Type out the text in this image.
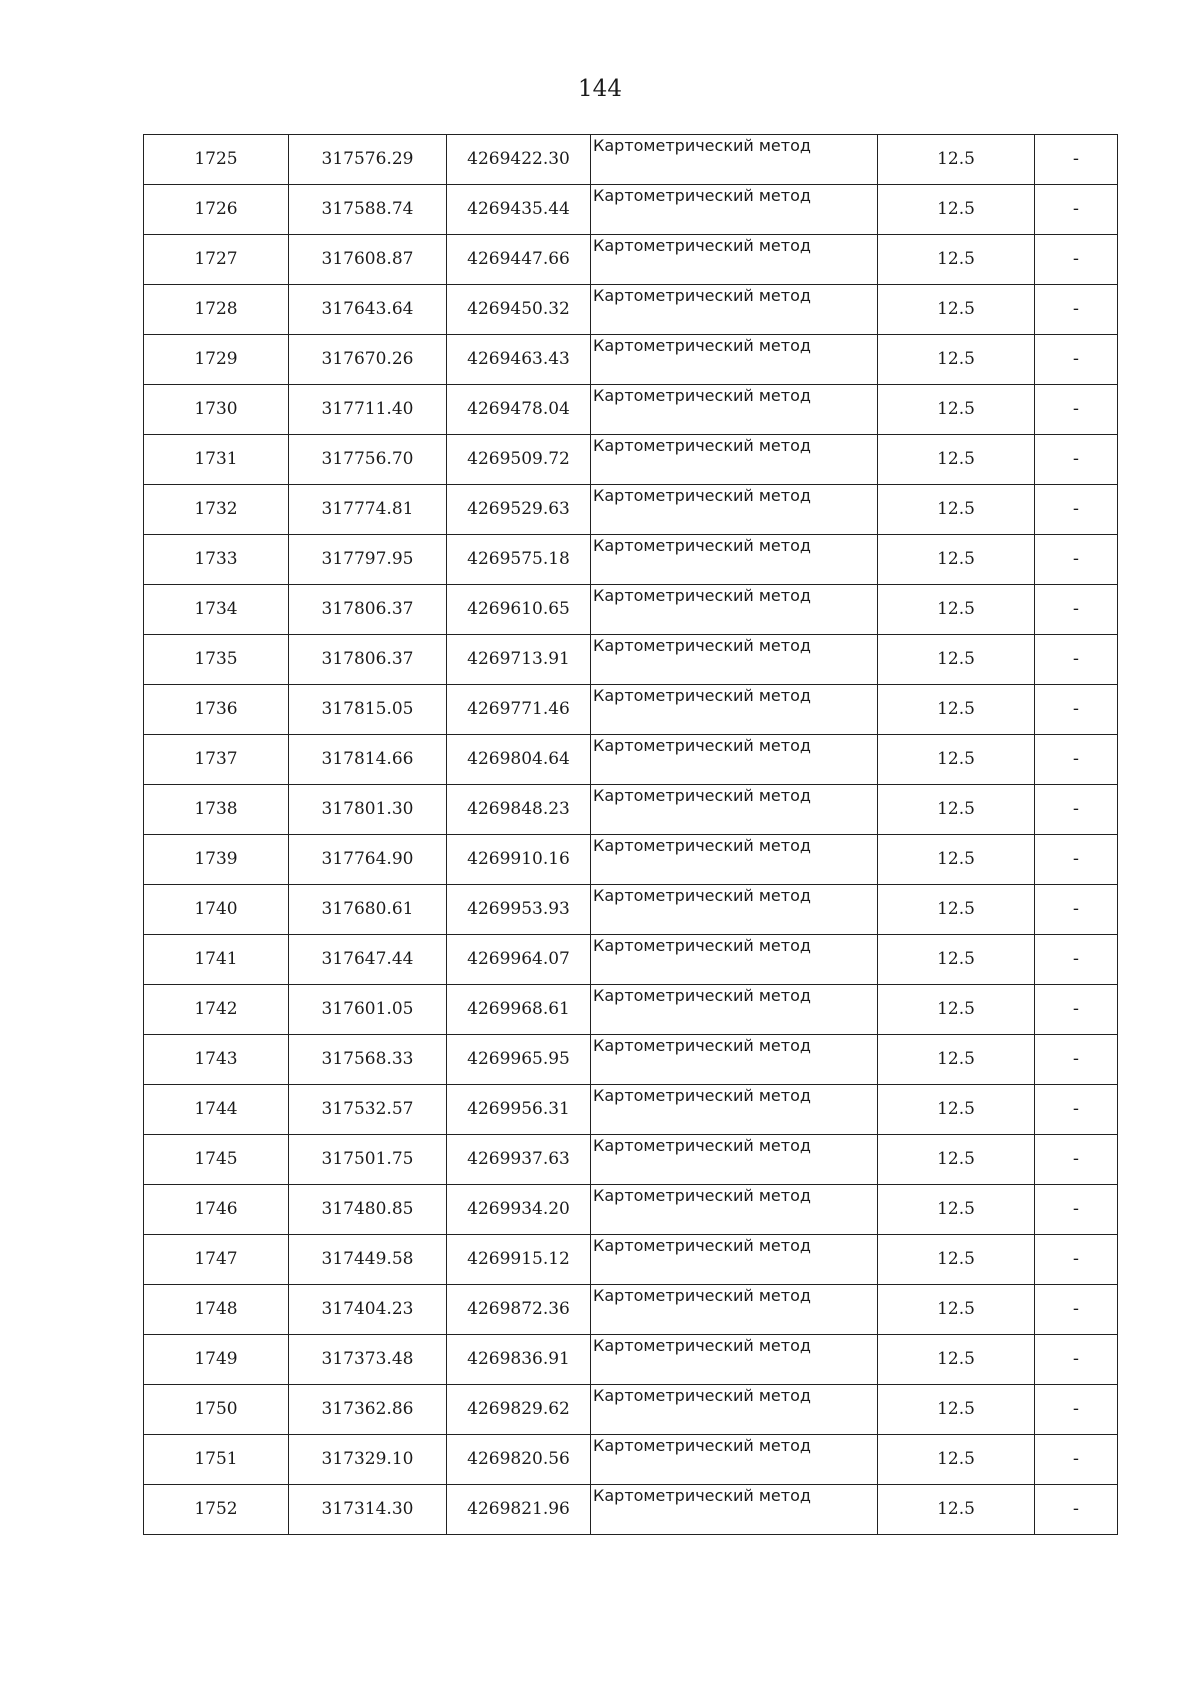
144
1725	317576.29	4269422.30	Картометрический метод	12.5	-
1726	317588.74	4269435.44	Картометрический метод	12.5	-
1727	317608.87	4269447.66	Картометрический метод	12.5	-
1728	317643.64	4269450.32	Картометрический метод	12.5	-
1729	317670.26	4269463.43	Картометрический метод	12.5	-
1730	317711.40	4269478.04	Картометрический метод	12.5	-
1731	317756.70	4269509.72	Картометрический метод	12.5	-
1732	317774.81	4269529.63	Картометрический метод	12.5	-
1733	317797.95	4269575.18	Картометрический метод	12.5	-
1734	317806.37	4269610.65	Картометрический метод	12.5	-
1735	317806.37	4269713.91	Картометрический метод	12.5	-
1736	317815.05	4269771.46	Картометрический метод	12.5	-
1737	317814.66	4269804.64	Картометрический метод	12.5	-
1738	317801.30	4269848.23	Картометрический метод	12.5	-
1739	317764.90	4269910.16	Картометрический метод	12.5	-
1740	317680.61	4269953.93	Картометрический метод	12.5	-
1741	317647.44	4269964.07	Картометрический метод	12.5	-
1742	317601.05	4269968.61	Картометрический метод	12.5	-
1743	317568.33	4269965.95	Картометрический метод	12.5	-
1744	317532.57	4269956.31	Картометрический метод	12.5	-
1745	317501.75	4269937.63	Картометрический метод	12.5	-
1746	317480.85	4269934.20	Картометрический метод	12.5	-
1747	317449.58	4269915.12	Картометрический метод	12.5	-
1748	317404.23	4269872.36	Картометрический метод	12.5	-
1749	317373.48	4269836.91	Картометрический метод	12.5	-
1750	317362.86	4269829.62	Картометрический метод	12.5	-
1751	317329.10	4269820.56	Картометрический метод	12.5	-
1752	317314.30	4269821.96	Картометрический метод	12.5	-
